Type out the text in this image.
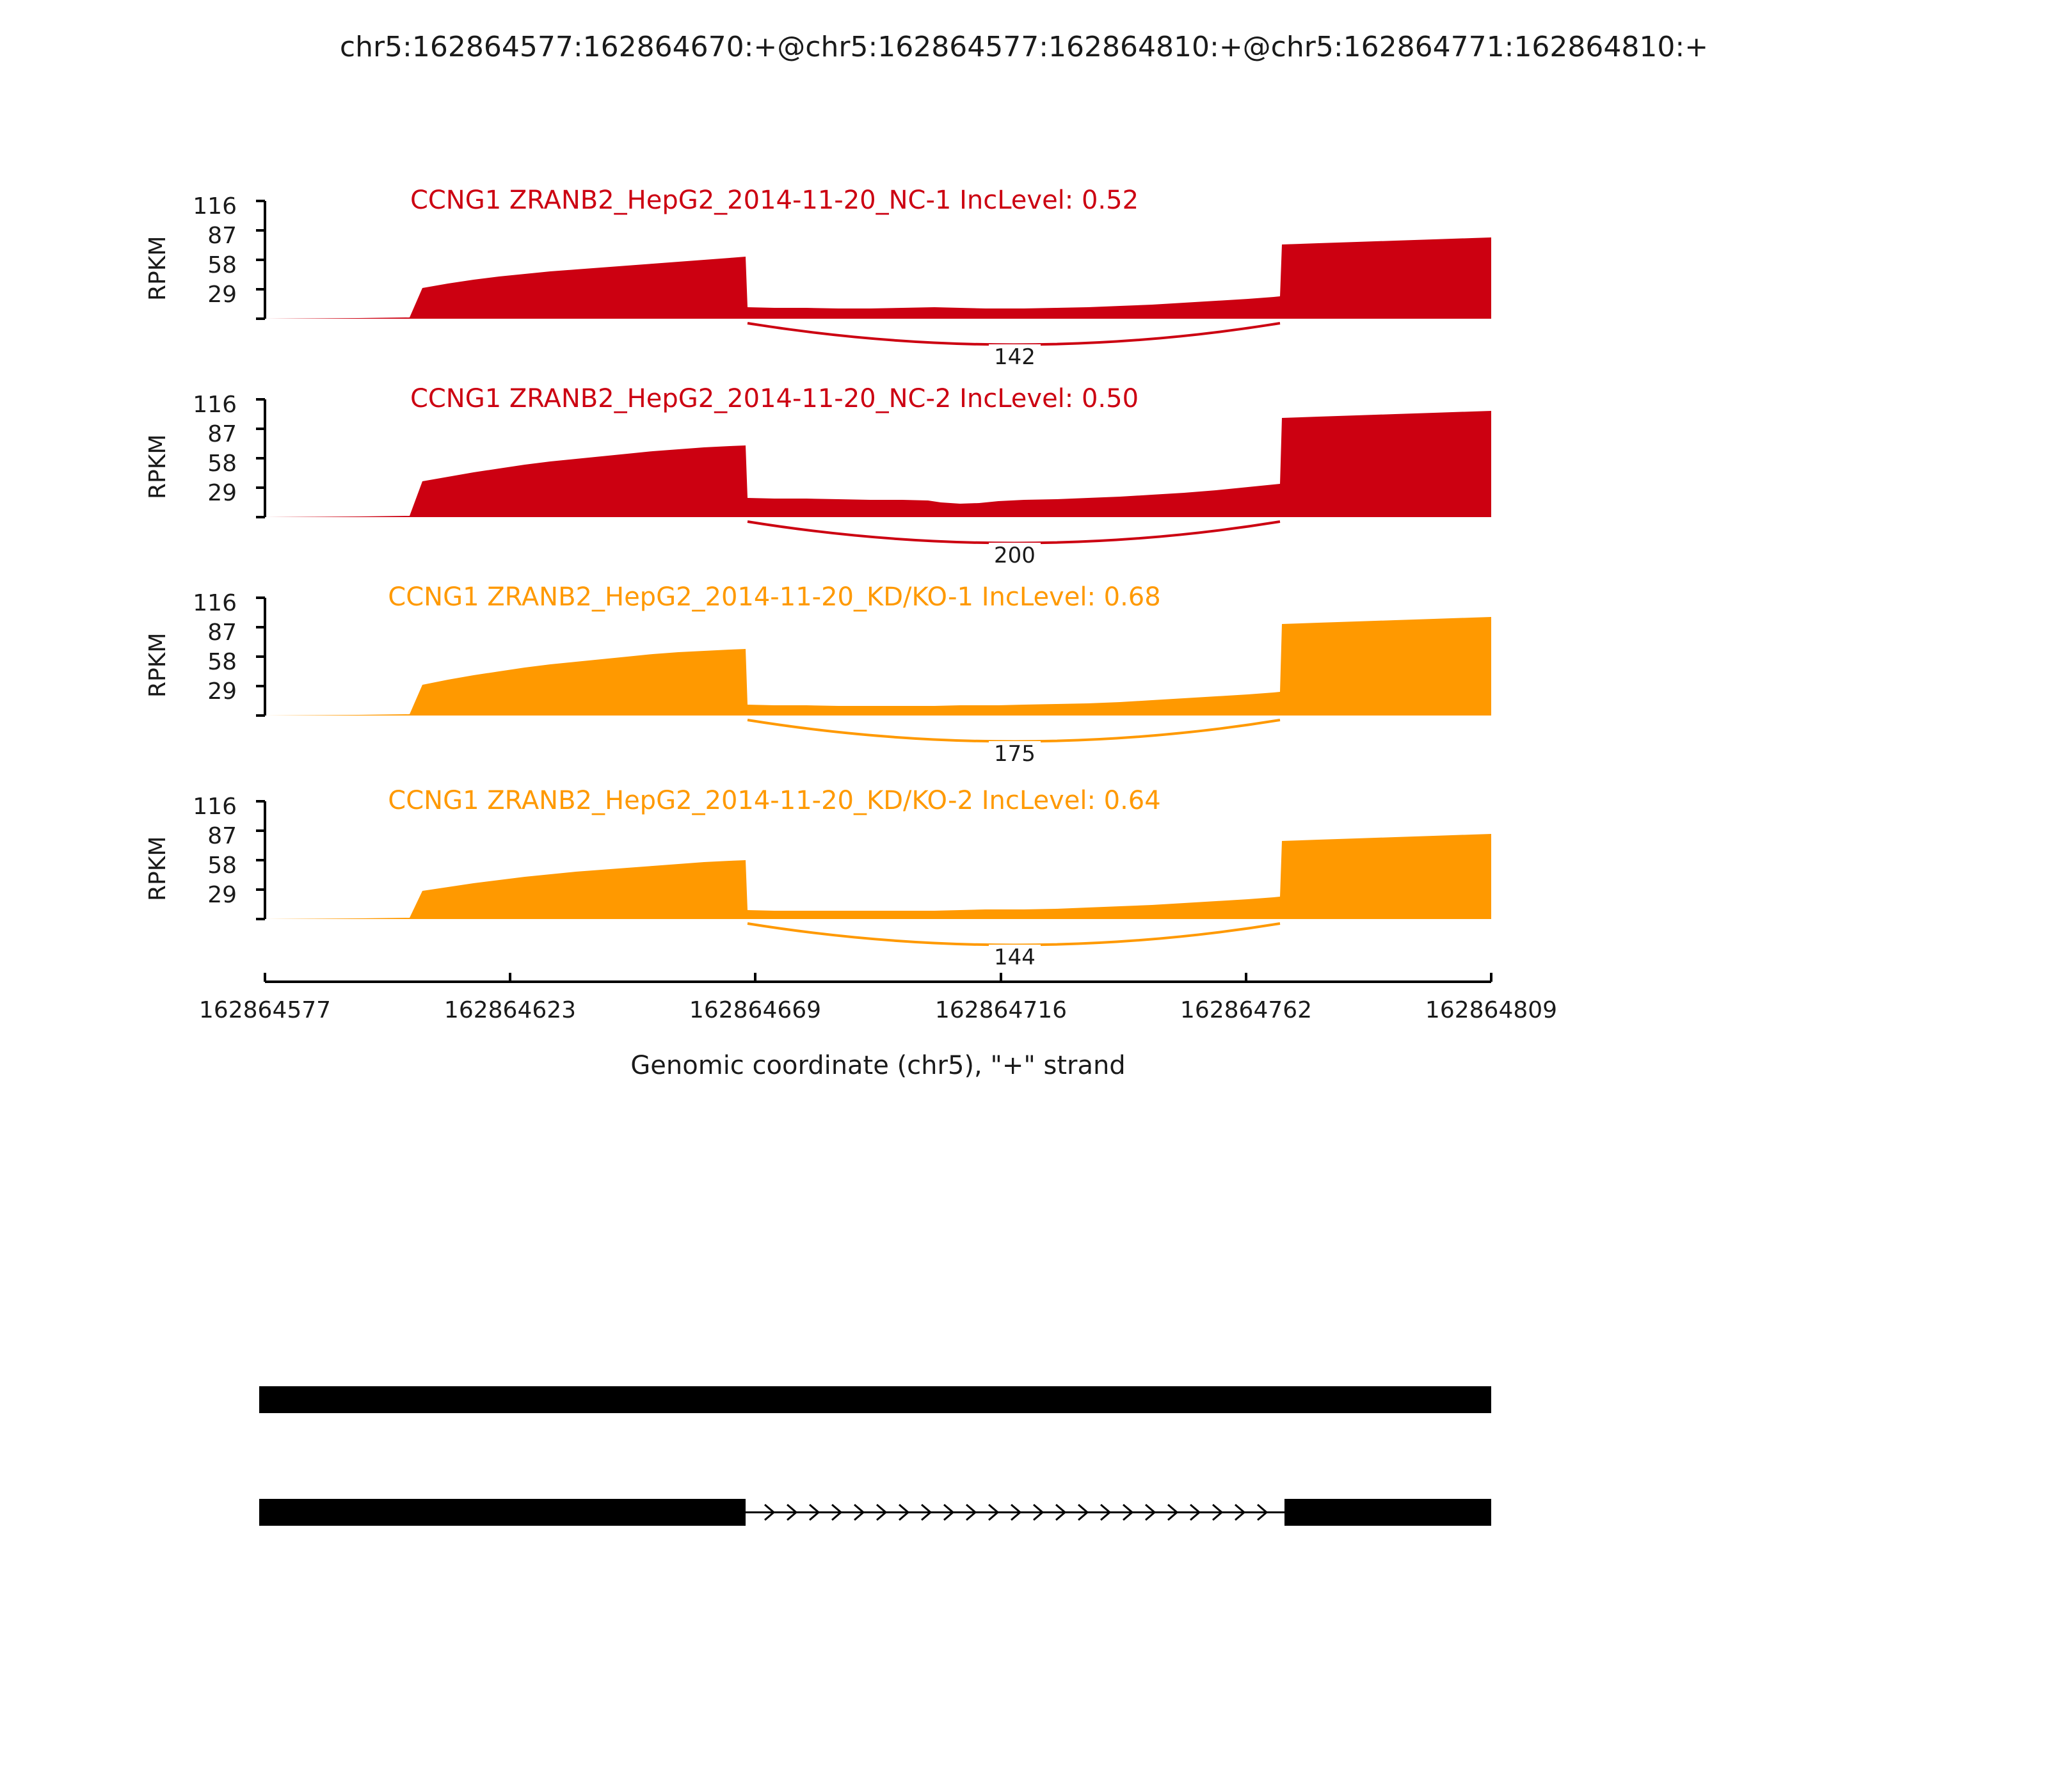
chr5:162864577:162864670:+@chr5:162864577:162864810:+@chr5:162864771:162864810:+
CCNG1 ZRANB2_HepG2_2014-11-20_NC-1 IncLevel: 0.52
RPKM
116
87
58
29
142
CCNG1 ZRANB2_HepG2_2014-11-20_NC-2 IncLevel: 0.50
RPKM
116
87
58
29
200
CCNG1 ZRANB2_HepG2_2014-11-20_KD/KO-1 IncLevel: 0.68
RPKM
116
87
58
29
175
CCNG1 ZRANB2_HepG2_2014-11-20_KD/KO-2 IncLevel: 0.64
RPKM
116
87
58
29
144
162864577	162864623	162864669	162864716	162864762	162864809
Genomic coordinate (chr5), "+" strand
